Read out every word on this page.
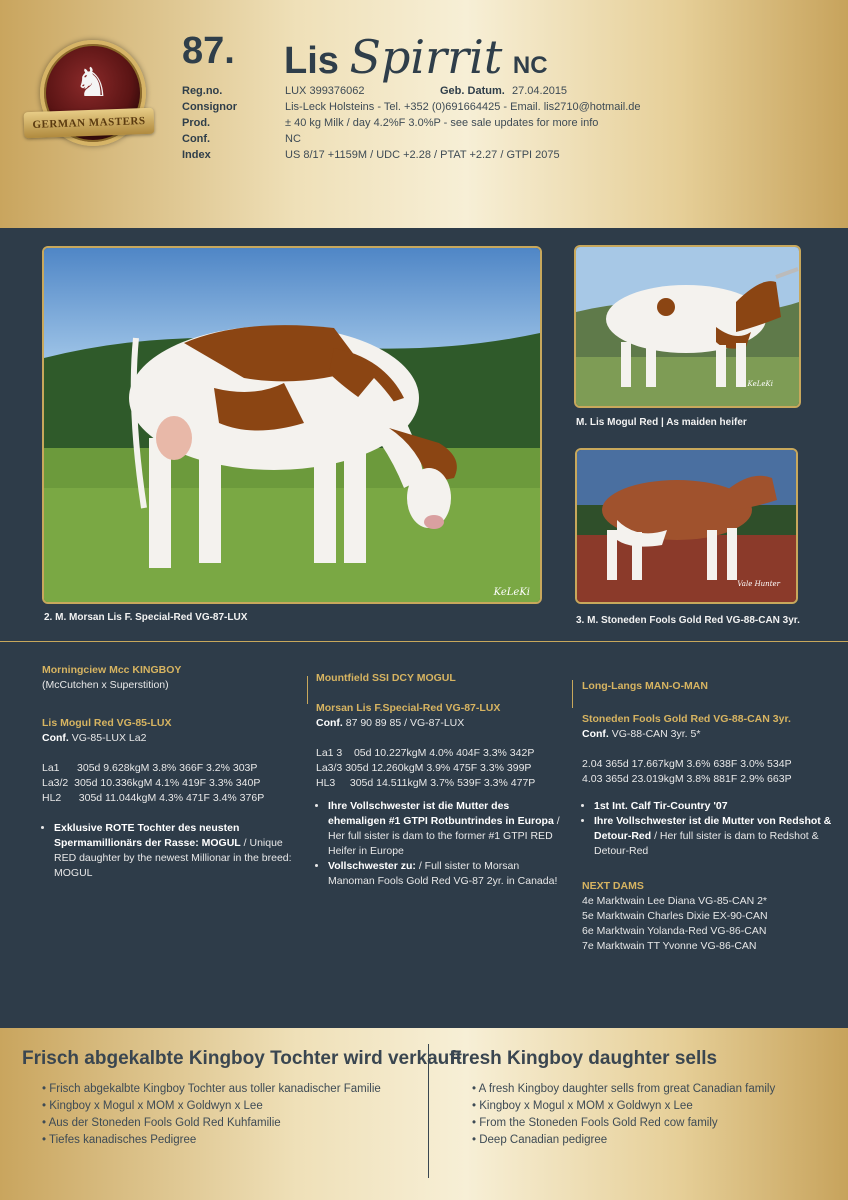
♞
GERMAN MASTERS
87. Lis Spirrit NC
Reg.no.	LUX 399376062	Geb. Datum. 27.04.2015
Consignor	Lis-Leck Holsteins - Tel. +352 (0)691664425 - Email. lis2710@hotmail.de
Prod.	± 40 kg Milk / day 4.2%F 3.0%P - see sale updates for more info
Conf.	NC
Index	US 8/17 +1159M / UDC +2.28 / PTAT +2.27 / GTPI 2075
KeLeKi
2. M. Morsan Lis F. Special-Red VG-87-LUX
KeLeKi
M. Lis Mogul Red | As maiden heifer
Vale Hunter
3. M. Stoneden Fools Gold Red VG-88-CAN 3yr.
Morningciew Mcc KINGBOY
(McCutchen x Superstition)
Lis Mogul Red VG-85-LUX
Conf. VG-85-LUX La2
La1      305d 9.628kgM 3.8% 366F 3.2% 303P
La3/2  305d 10.336kgM 4.1% 419F 3.3% 340P
HL2      305d 11.044kgM 4.3% 471F 3.4% 376P
• Exklusive ROTE Tochter des neusten Spermamillionärs der Rasse: MOGUL / Unique RED daughter by the newest Millionar in the breed: MOGUL
Mountfield SSI DCY MOGUL
Morsan Lis F.Special-Red VG-87-LUX
Conf. 87 90 89 85 / VG-87-LUX
La1 3    05d 10.227kgM 4.0% 404F 3.3% 342P
La3/3 305d 12.260kgM 3.9% 475F 3.3% 399P
HL3     305d 14.511kgM 3.7% 539F 3.3% 477P
• Ihre Vollschwester ist die Mutter des ehemaligen #1 GTPI Rotbuntrindes in Europa / Her full sister is dam to the former #1 GTPI RED Heifer in Europe
• Vollschwester zu: / Full sister to Morsan Manoman Fools Gold Red VG-87 2yr. in Canada!
Long-Langs MAN-O-MAN
Stoneden Fools Gold Red VG-88-CAN 3yr.
Conf. VG-88-CAN 3yr. 5*
2.04 365d 17.667kgM 3.6% 638F 3.0% 534P
4.03 365d 23.019kgM 3.8% 881F 2.9% 663P
• 1st Int. Calf Tir-Country '07
• Ihre Vollschwester ist die Mutter von Redshot & Detour-Red / Her full sister is dam to Redshot & Detour-Red
NEXT DAMS
4e Marktwain Lee Diana VG-85-CAN 2*
5e Marktwain Charles Dixie EX-90-CAN
6e Marktwain Yolanda-Red VG-86-CAN
7e Marktwain TT Yvonne VG-86-CAN
Frisch abgekalbte Kingboy Tochter wird verkauft
• Frisch abgekalbte Kingboy Tochter aus toller kanadischer Familie
• Kingboy x Mogul x MOM x Goldwyn x Lee
• Aus der Stoneden Fools Gold Red Kuhfamilie
• Tiefes kanadisches Pedigree
Fresh Kingboy daughter sells
• A fresh Kingboy daughter sells from great Canadian family
• Kingboy x Mogul x MOM x Goldwyn x Lee
• From the Stoneden Fools Gold Red cow family
• Deep Canadian pedigree
